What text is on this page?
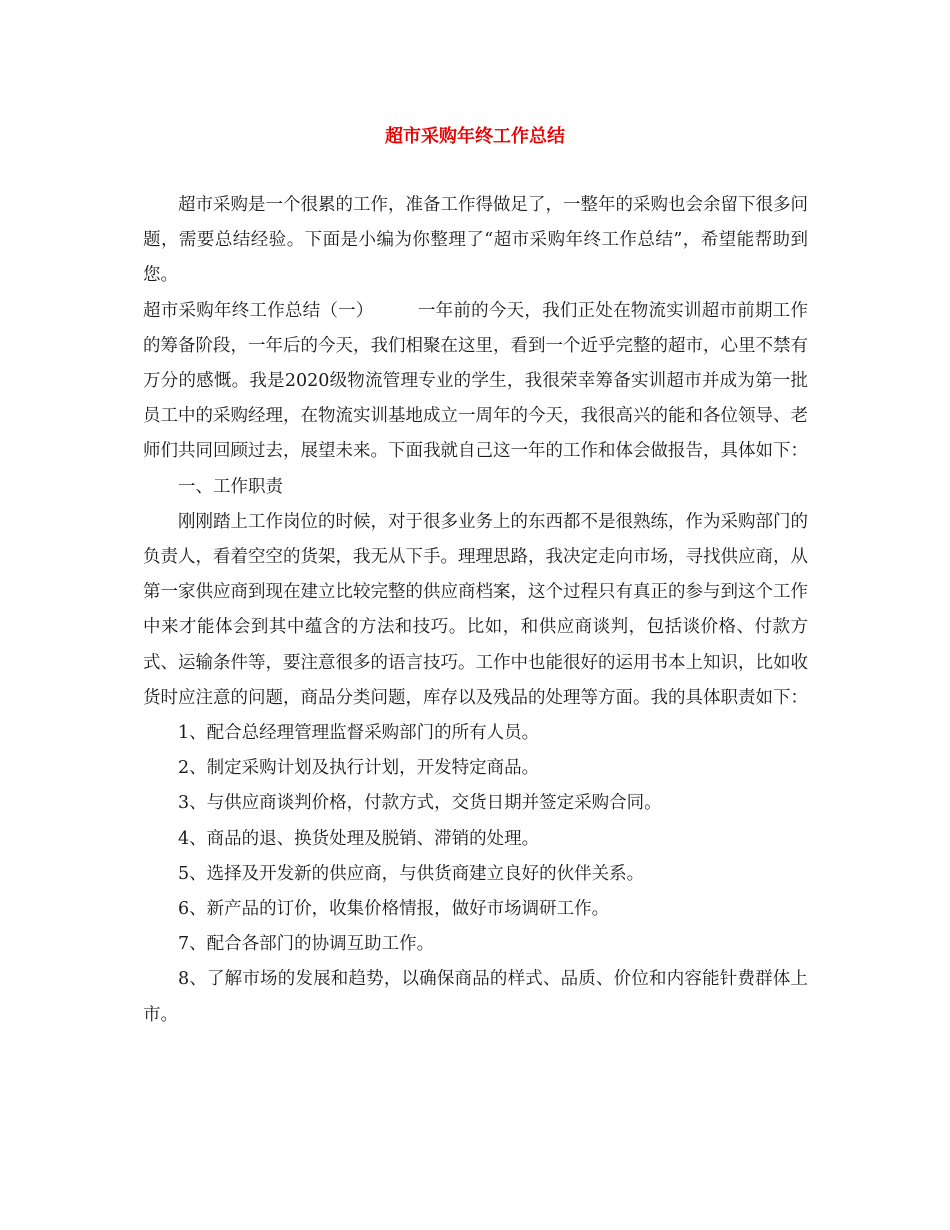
超市采购年终工作总结

超市采购是一个很累的工作，准备工作得做足了，一整年的采购也会余留下很多问题，需要总结经验。下面是小编为你整理了“超市采购年终工作总结”，希望能帮助到您。

超市采购年终工作总结（一）	一年前的今天，我们正处在物流实训超市前期工作的筹备阶段，一年后的今天，我们相聚在这里，看到一个近乎完整的超市，心里不禁有万分的感慨。我是2020级物流管理专业的学生，我很荣幸筹备实训超市并成为第一批员工中的采购经理，在物流实训基地成立一周年的今天，我很高兴的能和各位领导、老师们共同回顾过去，展望未来。下面我就自己这一年的工作和体会做报告，具体如下：

一、工作职责

刚刚踏上工作岗位的时候，对于很多业务上的东西都不是很熟练，作为采购部门的负责人，看着空空的货架，我无从下手。理理思路，我决定走向市场，寻找供应商，从第一家供应商到现在建立比较完整的供应商档案，这个过程只有真正的参与到这个工作中来才能体会到其中蕴含的方法和技巧。比如，和供应商谈判，包括谈价格、付款方式、运输条件等，要注意很多的语言技巧。工作中也能很好的运用书本上知识，比如收货时应注意的问题，商品分类问题，库存以及残品的处理等方面。我的具体职责如下：

1、配合总经理管理监督采购部门的所有人员。

2、制定采购计划及执行计划，开发特定商品。

3、与供应商谈判价格，付款方式，交货日期并签定采购合同。

4、商品的退、换货处理及脱销、滞销的处理。

5、选择及开发新的供应商，与供货商建立良好的伙伴关系。

6、新产品的订价，收集价格情报，做好市场调研工作。

7、配合各部门的协调互助工作。

8、了解市场的发展和趋势，以确保商品的样式、品质、价位和内容能针费群体上市。
